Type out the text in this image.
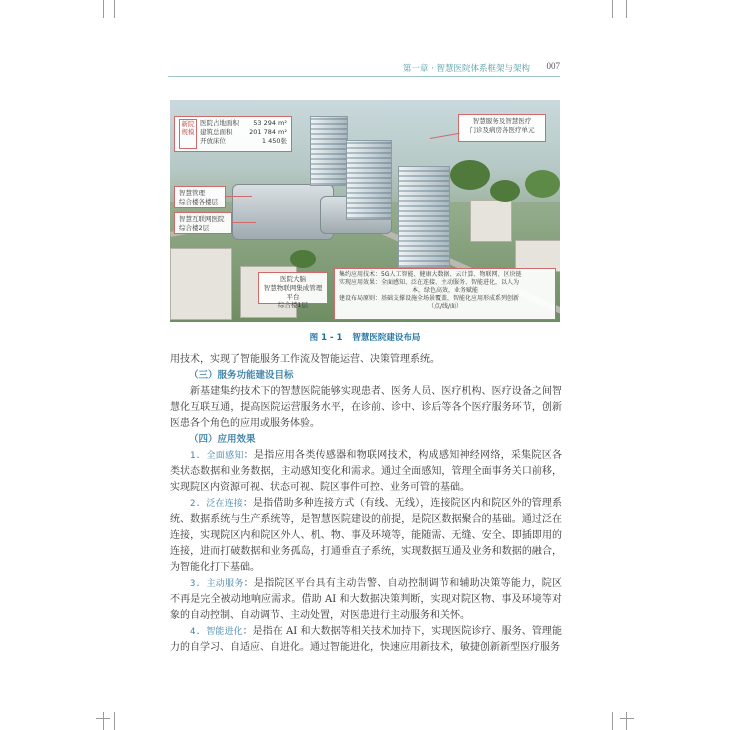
第一章 · 智慧医院体系框架与架构 007
新院规模
医院占地面积 53 294 m²
建筑总面积	201 784 m²
开放床位	1 450张
智慧服务及智慧医疗
门诊及病房各医疗单元
智慧管理
综合楼各楼层
智慧互联网医院
综合楼2层
医院大脑
智慧物联网集成管理平台
综合楼1层
集约应用技术：5G人工智能、健康大数据、云计算、物联网、区块链
实现应用效果：全面感知、泛在连接、主动服务、智能进化，以人为
本，绿色高效，业务赋能
建设布局原则：基础支撑设施全场景覆盖，智能化应用形成系列创新
（点/线/面）
图 1 - 1 智慧医院建设布局

用技术，实现了智能服务工作流及智能运营、决策管理系统。

（三）服务功能建设目标

新基建集约技术下的智慧医院能够实现患者、医务人员、医疗机构、医疗设备之间智慧化互联互通，提高医院运营服务水平，在诊前、诊中、诊后等各个医疗服务环节，创新医患各个角色的应用或服务体验。

（四）应用效果

1. 全面感知：是指应用各类传感器和物联网技术，构成感知神经网络，采集院区各类状态数据和业务数据，主动感知变化和需求。通过全面感知，管理全面事务关口前移，实现院区内资源可视、状态可视、院区事件可控、业务可管的基础。

2. 泛在连接：是指借助多种连接方式（有线、无线），连接院区内和院区外的管理系统、数据系统与生产系统等，是智慧医院建设的前提，是院区数据聚合的基础。通过泛在连接，实现院区内和院区外人、机、物、事及环境等，能随需、无缝、安全、即插即用的连接，进而打破数据和业务孤岛，打通垂直子系统，实现数据互通及业务和数据的融合，为智能化打下基础。

3. 主动服务：是指院区平台具有主动告警、自动控制调节和辅助决策等能力，院区不再是完全被动地响应需求。借助 AI 和大数据决策判断，实现对院区物、事及环境等对象的自动控制、自动调节、主动处置，对医患进行主动服务和关怀。

4. 智能进化：是指在 AI 和大数据等相关技术加持下，实现医院诊疗、服务、管理能力的自学习、自适应、自进化。通过智能进化，快速应用新技术，敏捷创新新型医疗服务
